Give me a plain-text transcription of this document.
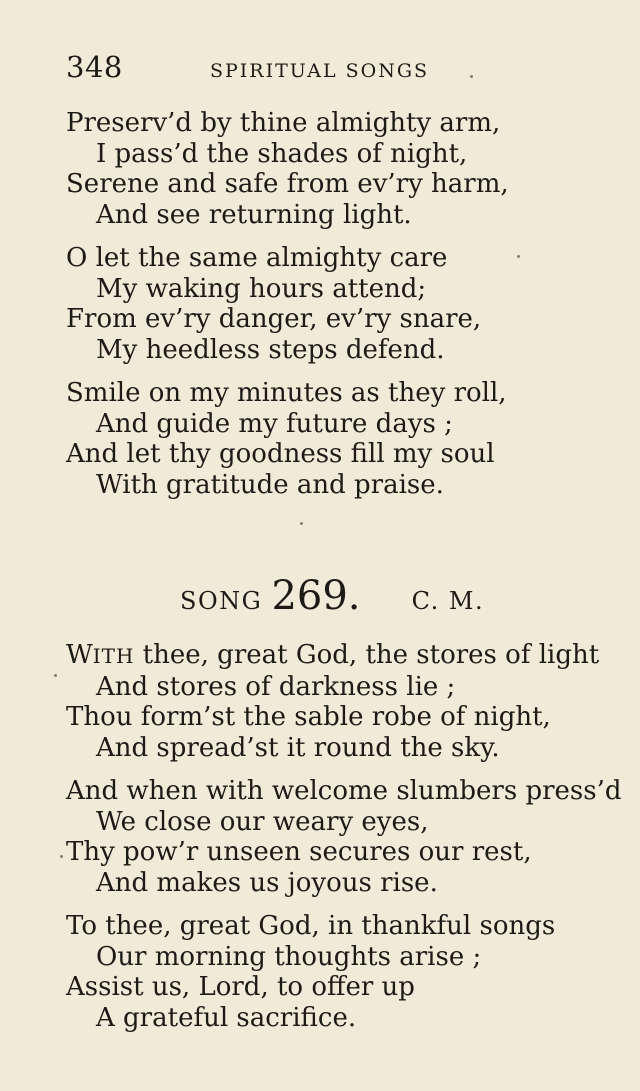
348	SPIRITUAL SONGS
Preserv’d by thine almighty arm,
I pass’d the shades of night,
Serene and safe from ev’ry harm,
And see returning light.
O let the same almighty care
My waking hours attend;
From ev’ry danger, ev’ry snare,
My heedless steps defend.
Smile on my minutes as they roll,
And guide my future days ;
And let thy goodness fill my soul
With gratitude and praise.
SONG 269. C. M.
WITH thee, great God, the stores of light
And stores of darkness lie ;
Thou form’st the sable robe of night,
And spread’st it round the sky.
And when with welcome slumbers press’d
We close our weary eyes,
Thy pow’r unseen secures our rest,
And makes us joyous rise.
To thee, great God, in thankful songs
Our morning thoughts arise ;
Assist us, Lord, to offer up
A grateful sacrifice.
